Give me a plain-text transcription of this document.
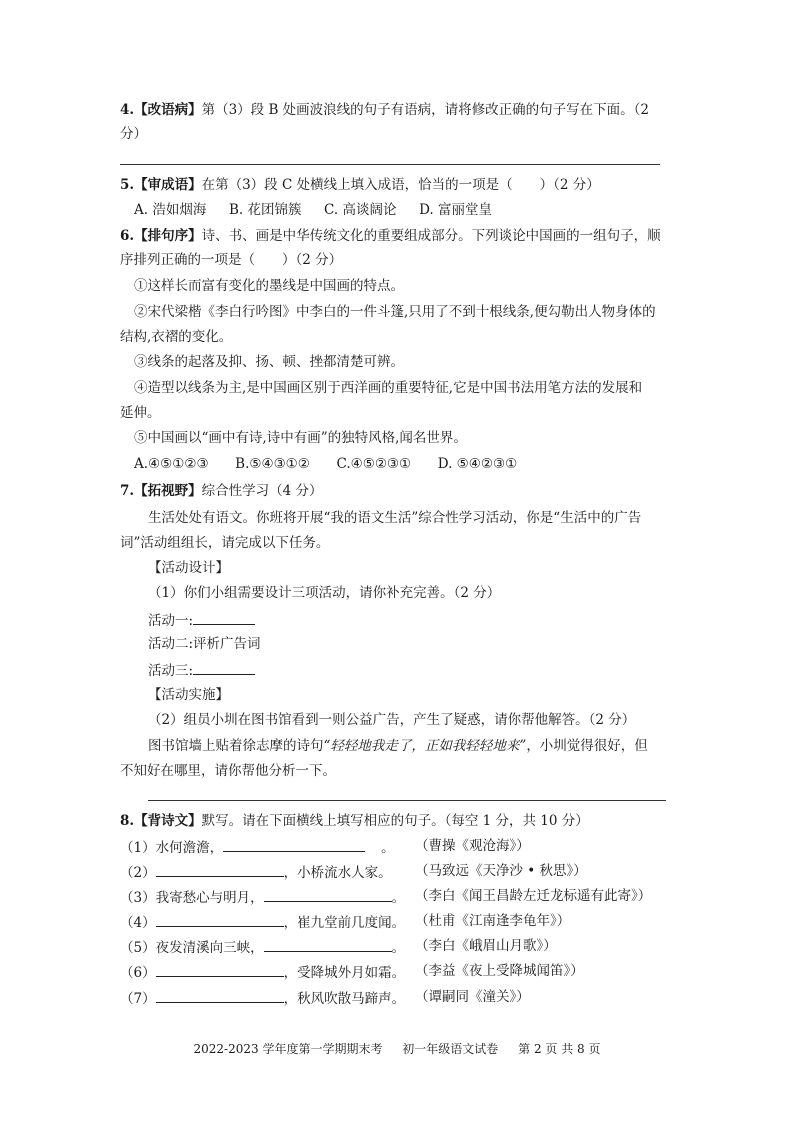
4.【改语病】第（3）段 B 处画波浪线的句子有语病，请将修改正确的句子写在下面。（2
分）
5.【审成语】在第（3）段 C 处横线上填入成语，恰当的一项是（　　）（2 分）
A. 浩如烟海 B. 花团锦簇 C. 高谈阔论 D. 富丽堂皇
6.【排句序】诗、书、画是中华传统文化的重要组成部分。下列谈论中国画的一组句子，顺
序排列正确的一项是（　　）（2 分）
①这样长而富有变化的墨线是中国画的特点。
②宋代梁楷《李白行吟图》中李白的一件斗篷,只用了不到十根线条,便勾勒出人物身体的
结构,衣褶的变化。
③线条的起落及抑、扬、顿、挫都清楚可辨。
④造型以线条为主,是中国画区别于西洋画的重要特征,它是中国书法用笔方法的发展和
延伸。
⑤中国画以“画中有诗,诗中有画”的独特风格,闻名世界。
A.④⑤①②③ B.⑤④③①② C.④⑤②③① D. ⑤④②③①
7.【拓视野】综合性学习（4 分）
生活处处有语文。你班将开展“我的语文生活”综合性学习活动，你是“生活中的广告
词”活动组组长，请完成以下任务。
【活动设计】
（1）你们小组需要设计三项活动，请你补充完善。（2 分）
活动一:
活动二:评析广告词
活动三:
【活动实施】
（2）组员小圳在图书馆看到一则公益广告，产生了疑惑，请你帮他解答。（2 分）
图书馆墙上贴着徐志摩的诗句“轻轻地我走了，正如我轻轻地来”，小圳觉得很好，但
不知好在哪里，请你帮他分析一下。
8.【背诗文】默写。请在下面横线上填写相应的句子。（每空 1 分，共 10 分）
（1）水何澹澹，	。 （曹操《观沧海》）
（2）	，小桥流水人家。 （马致远《天净沙 • 秋思》）
（3）我寄愁心与明月，	。 （李白《闻王昌龄左迁龙标遥有此寄》）
（4）	，崔九堂前几度闻。 （杜甫《江南逢李龟年》）
（5）夜发清溪向三峡，	。 （李白《峨眉山月歌》）
（6）	，受降城外月如霜。 （李益《夜上受降城闻笛》）
（7）	，秋风吹散马蹄声。 （谭嗣同《潼关》）
2022-2023 学年度第一学期期末考 初一年级语文试卷 第 2 页 共 8 页
